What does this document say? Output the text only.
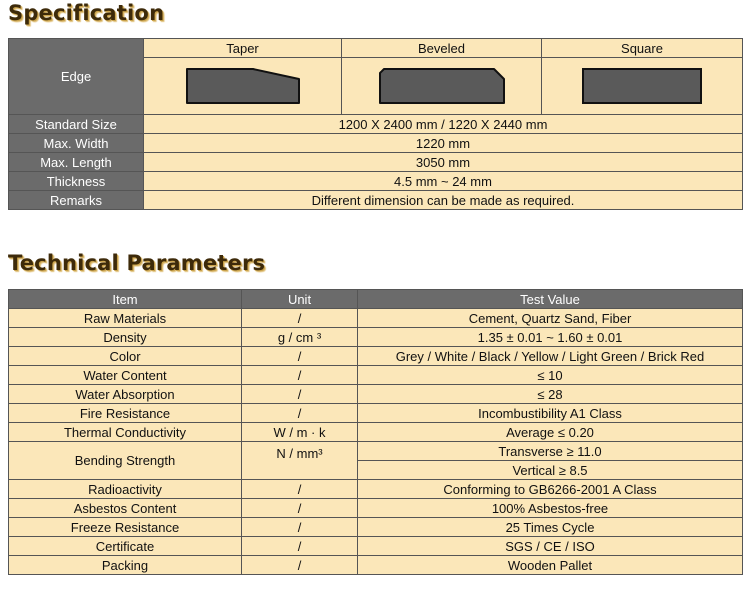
Specification
Edge	Taper	Beveled	Square

Standard Size	1200 X 2400 mm / 1220 X 2440 mm		
Max. Width	1220 mm		
Max. Length	3050 mm		
Thickness	4.5 mm ~ 24 mm		
Remarks	Different dimension can be made as required.		
Technical Parameters
Item	Unit	Test Value
Raw Materials	/	Cement, Quartz Sand, Fiber
Density	g / cm ³	1.35 ± 0.01 ~ 1.60 ± 0.01
Color	/	Grey / White / Black / Yellow / Light Green / Brick Red
Water Content	/	≤ 10
Water Absorption	/	≤ 28
Fire Resistance	/	Incombustibility A1 Class
Thermal Conductivity	W / m · k	Average ≤ 0.20
Bending Strength	N / mm³	Transverse ≥ 11.0
		Vertical ≥ 8.5
Radioactivity	/	Conforming to GB6266-2001 A Class
Asbestos Content	/	100% Asbestos-free
Freeze Resistance	/	25 Times Cycle
Certificate	/	SGS / CE / ISO
Packing	/	Wooden Pallet
